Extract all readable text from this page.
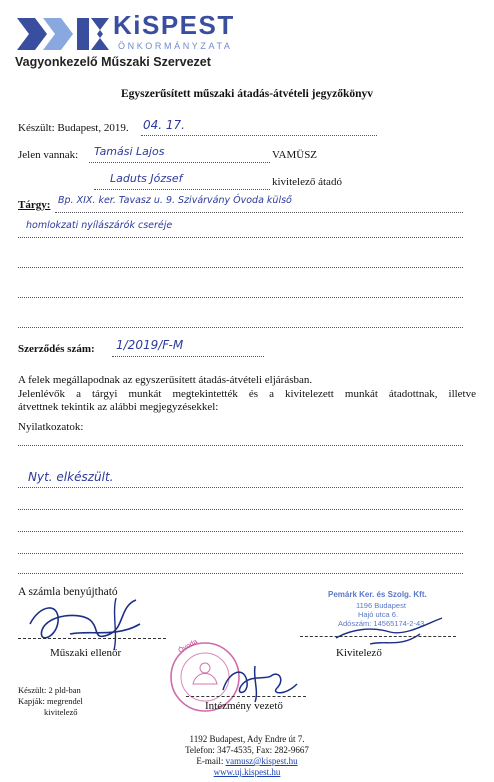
KiSPEST
ÖNKORMÁNYZATA
Vagyonkezelő Műszaki Szervezet
Egyszerűsített műszaki átadás-átvételi jegyzőkönyv
Készült: Budapest, 2019. 04. 17.
Jelen vannak: Tamási Lajos	VAMÜSZ
Laduts József	kivitelező átadó
Tárgy: Bp. XIX. ker. Tavasz u. 9. Szivárvány Óvoda külső
homlokzati nyílászárók cseréje
Szerződés szám: 1/2019/F-M
A felek megállapodnak az egyszerűsített átadás-átvételi eljárásban.
Jelenlévők a tárgyi munkát megtekintették és a kivitelezett munkát átadottnak, illetve
átvettnek tekintik az alábbi megjegyzésekkel:
Nyilatkozatok:
Nyt. elkészült.
A számla benyújtható
Műszaki ellenőr
Pemárk Ker. és Szolg. Kft.
1196 Budapest
Hajó utca 6.
Adószám: 14565174-2-43
Kivitelező
Óvoda
Intézmény vezető
Készült: 2 pld-ban
Kapják: megrendel
kivitelező
1192 Budapest, Ady Endre út 7.
Telefon: 347-4535, Fax: 282-9667
E-mail: vamusz@kispest.hu
www.uj.kispest.hu
